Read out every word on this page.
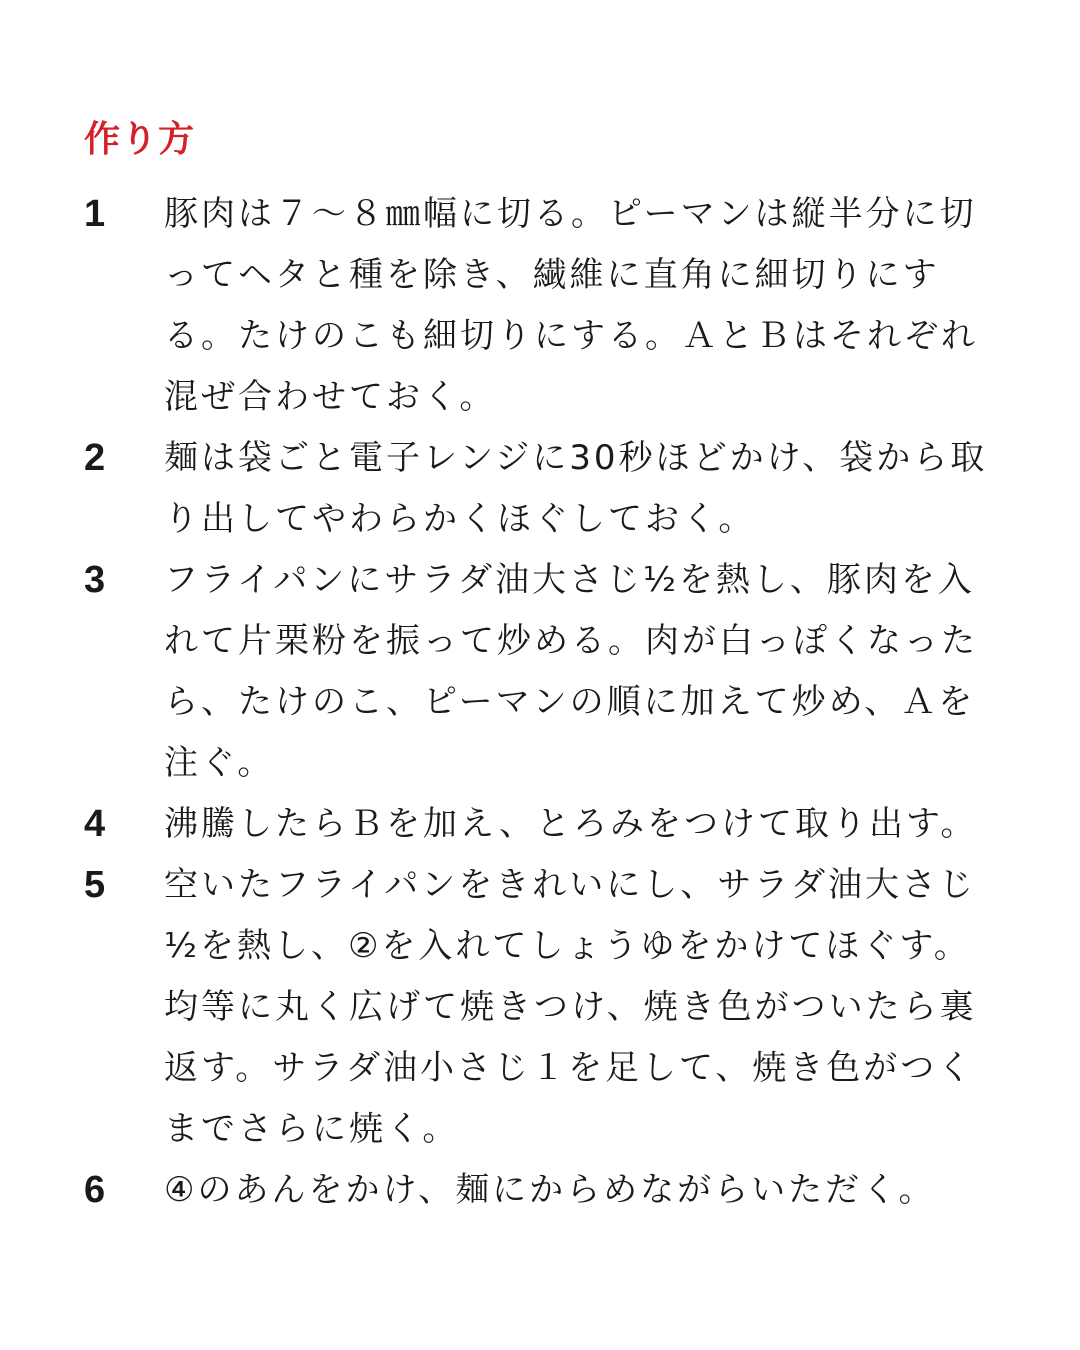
作り方
1	豚肉は７〜８㎜幅に切る。ピーマンは縦半分に切ってヘタと種を除き、繊維に直角に細切りにする。たけのこも細切りにする。ＡとＢはそれぞれ混ぜ合わせておく。
2	麺は袋ごと電子レンジに30秒ほどかけ、袋から取り出してやわらかくほぐしておく。
3	フライパンにサラダ油大さじ½を熱し、豚肉を入れて片栗粉を振って炒める。肉が白っぽくなったら、たけのこ、ピーマンの順に加えて炒め、Ａを注ぐ。
4	沸騰したらＢを加え、とろみをつけて取り出す。
5	空いたフライパンをきれいにし、サラダ油大さじ½を熱し、②を入れてしょうゆをかけてほぐす。均等に丸く広げて焼きつけ、焼き色がついたら裏返す。サラダ油小さじ１を足して、焼き色がつくまでさらに焼く。
6	④のあんをかけ、麺にからめながらいただく。
